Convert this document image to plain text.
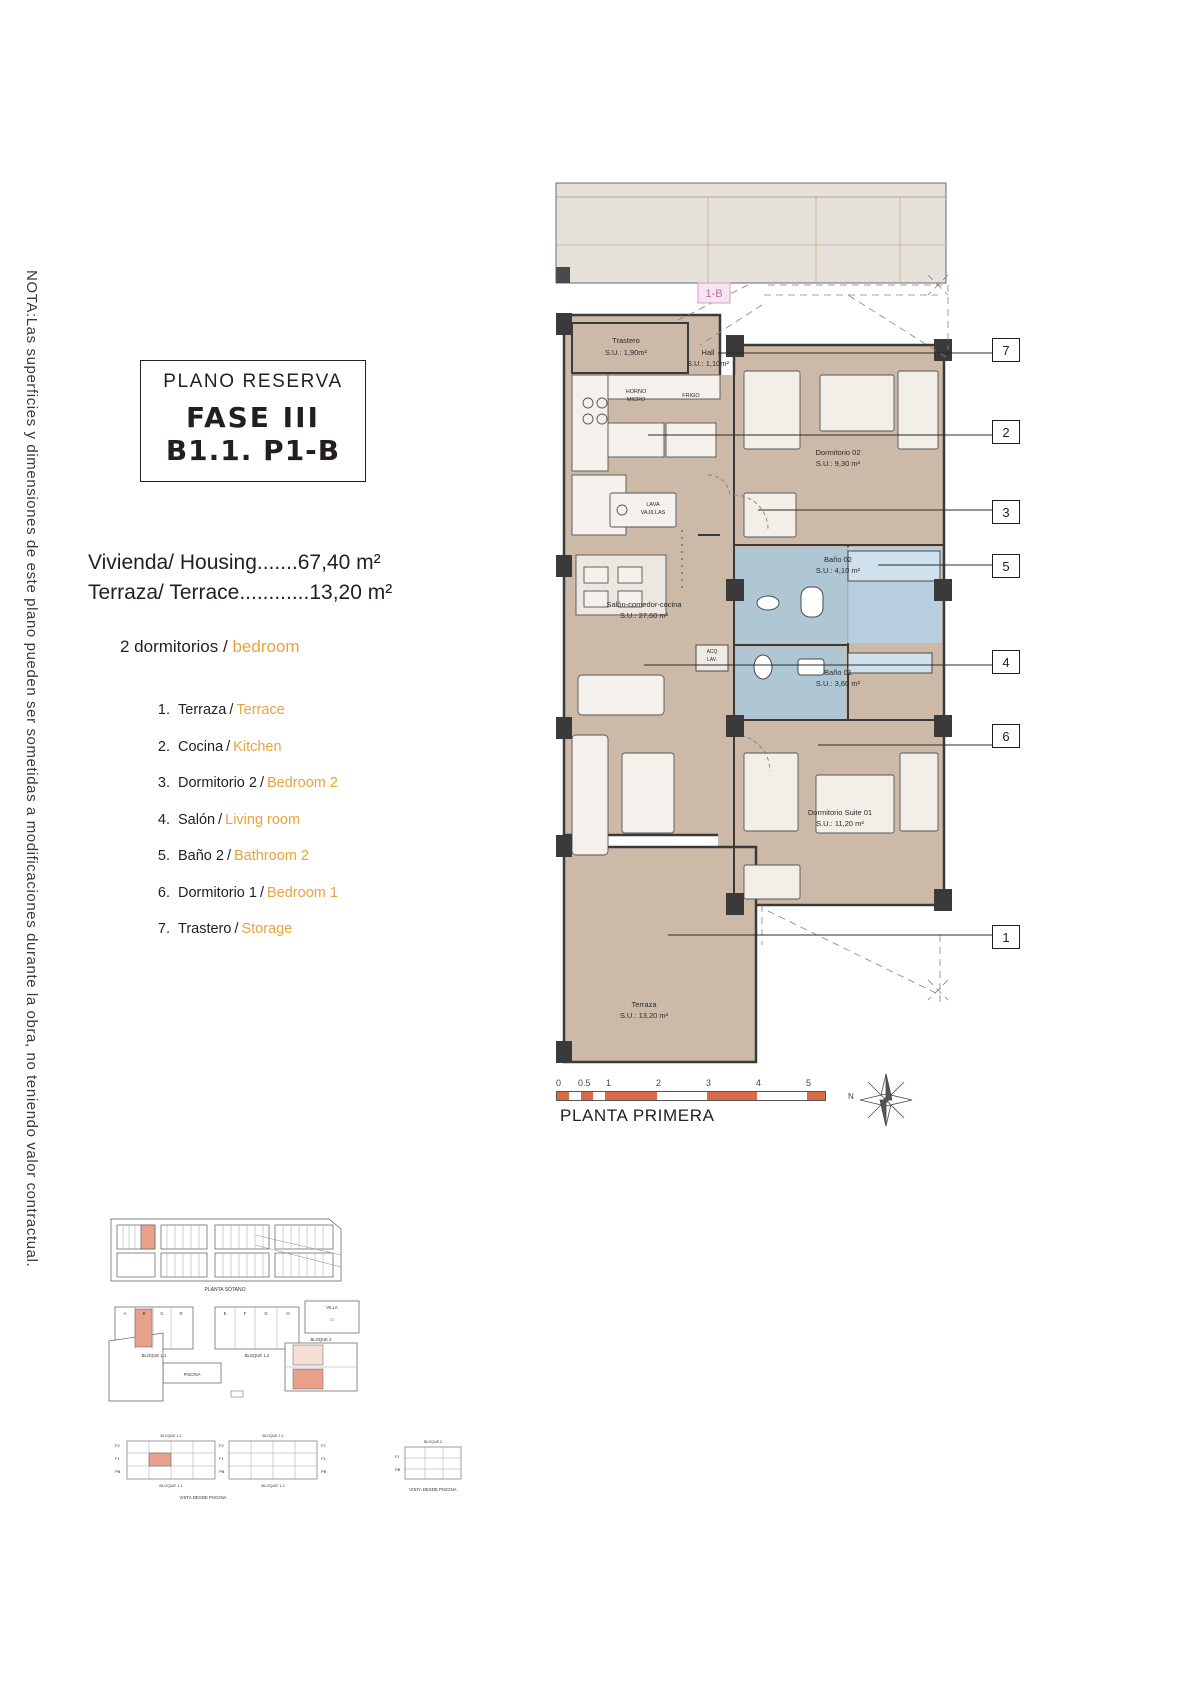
NOTA:Las superficies y dimensiones de este plano pueden ser sometidas a modificaciones durante la obra, no teniendo valor contractual.	PLANO RESERVA
FASE III
B1.1. P1-B
Vivienda/ Housing.......67,40 m²
Terraza/ Terrace............13,20 m²
2 dormitorios / bedroom
1. Terraza / Terrace
2. Cocina / Kitchen
3. Dormitorio 2 / Bedroom 2
4. Salón / Living room
5. Baño 2 / Bathroom 2
6. Dormitorio 1 / Bedroom 1
7. Trastero / Storage
1-B
Trastero
S.U.: 1,90m²	Hall
S.U.: 1,10m²
Dormitorio 02
S.U.: 9,30 m²
Baño 02
S.U.: 4,10 m²
Baño 01
S.U.: 3,60 m²
Salón-comedor-cocina
S.U.: 27,60 m²
Dormitorio Suite 01
S.U.: 11,20 m²
Terraza
S.U.: 13,20 m²
HORNO
MICRO
FRIGO
LAVA
VAJILLAS
ACQ
LAV.
7
2
3
5
4
6
1
0 0.5 1	2	3	4	5
PLANTA PRIMERA
N
PLANTA SÓTANO
A	B	C	D	E	F	G	H
VILLA
01
BLOQUE 1.1	BLOQUE 1.2
BLOQUE 2
PISCINA
F2
F1
PB
F2
F1
PB
F2
F1
PB
F1
PB
BLOQUE 1.1	BLOQUE 1.2
BLOQUE 2
BLOQUE 1.1	BLOQUE 1.2
VISTA DESDE PISCINA
VISTA DESDE PISCINA
